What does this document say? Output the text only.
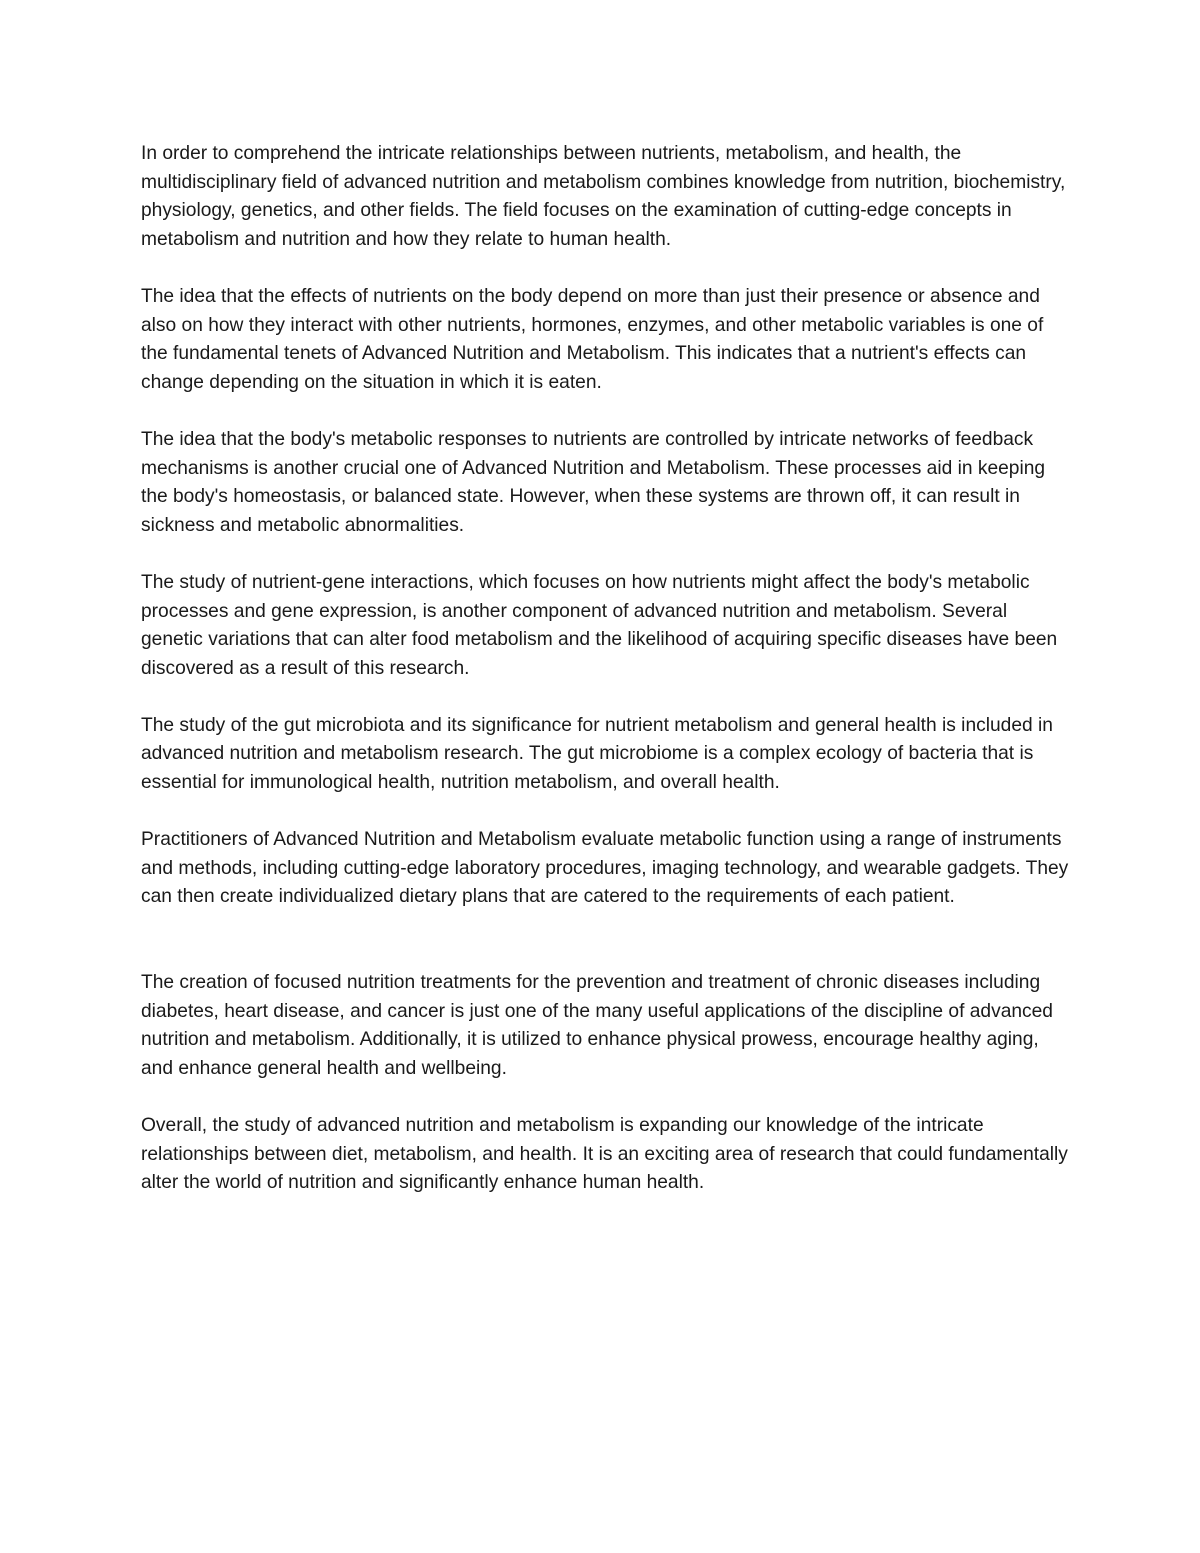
In order to comprehend the intricate relationships between nutrients, metabolism, and health, the multidisciplinary field of advanced nutrition and metabolism combines knowledge from nutrition, biochemistry, physiology, genetics, and other fields. The field focuses on the examination of cutting-edge concepts in metabolism and nutrition and how they relate to human health.

The idea that the effects of nutrients on the body depend on more than just their presence or absence and also on how they interact with other nutrients, hormones, enzymes, and other metabolic variables is one of the fundamental tenets of Advanced Nutrition and Metabolism. This indicates that a nutrient's effects can change depending on the situation in which it is eaten.

The idea that the body's metabolic responses to nutrients are controlled by intricate networks of feedback mechanisms is another crucial one of Advanced Nutrition and Metabolism. These processes aid in keeping the body's homeostasis, or balanced state. However, when these systems are thrown off, it can result in sickness and metabolic abnormalities.

The study of nutrient-gene interactions, which focuses on how nutrients might affect the body's metabolic processes and gene expression, is another component of advanced nutrition and metabolism. Several genetic variations that can alter food metabolism and the likelihood of acquiring specific diseases have been discovered as a result of this research.

The study of the gut microbiota and its significance for nutrient metabolism and general health is included in advanced nutrition and metabolism research. The gut microbiome is a complex ecology of bacteria that is essential for immunological health, nutrition metabolism, and overall health.

Practitioners of Advanced Nutrition and Metabolism evaluate metabolic function using a range of instruments and methods, including cutting-edge laboratory procedures, imaging technology, and wearable gadgets. They can then create individualized dietary plans that are catered to the requirements of each patient.

The creation of focused nutrition treatments for the prevention and treatment of chronic diseases including diabetes, heart disease, and cancer is just one of the many useful applications of the discipline of advanced nutrition and metabolism. Additionally, it is utilized to enhance physical prowess, encourage healthy aging, and enhance general health and wellbeing.

Overall, the study of advanced nutrition and metabolism is expanding our knowledge of the intricate relationships between diet, metabolism, and health. It is an exciting area of research that could fundamentally alter the world of nutrition and significantly enhance human health.
